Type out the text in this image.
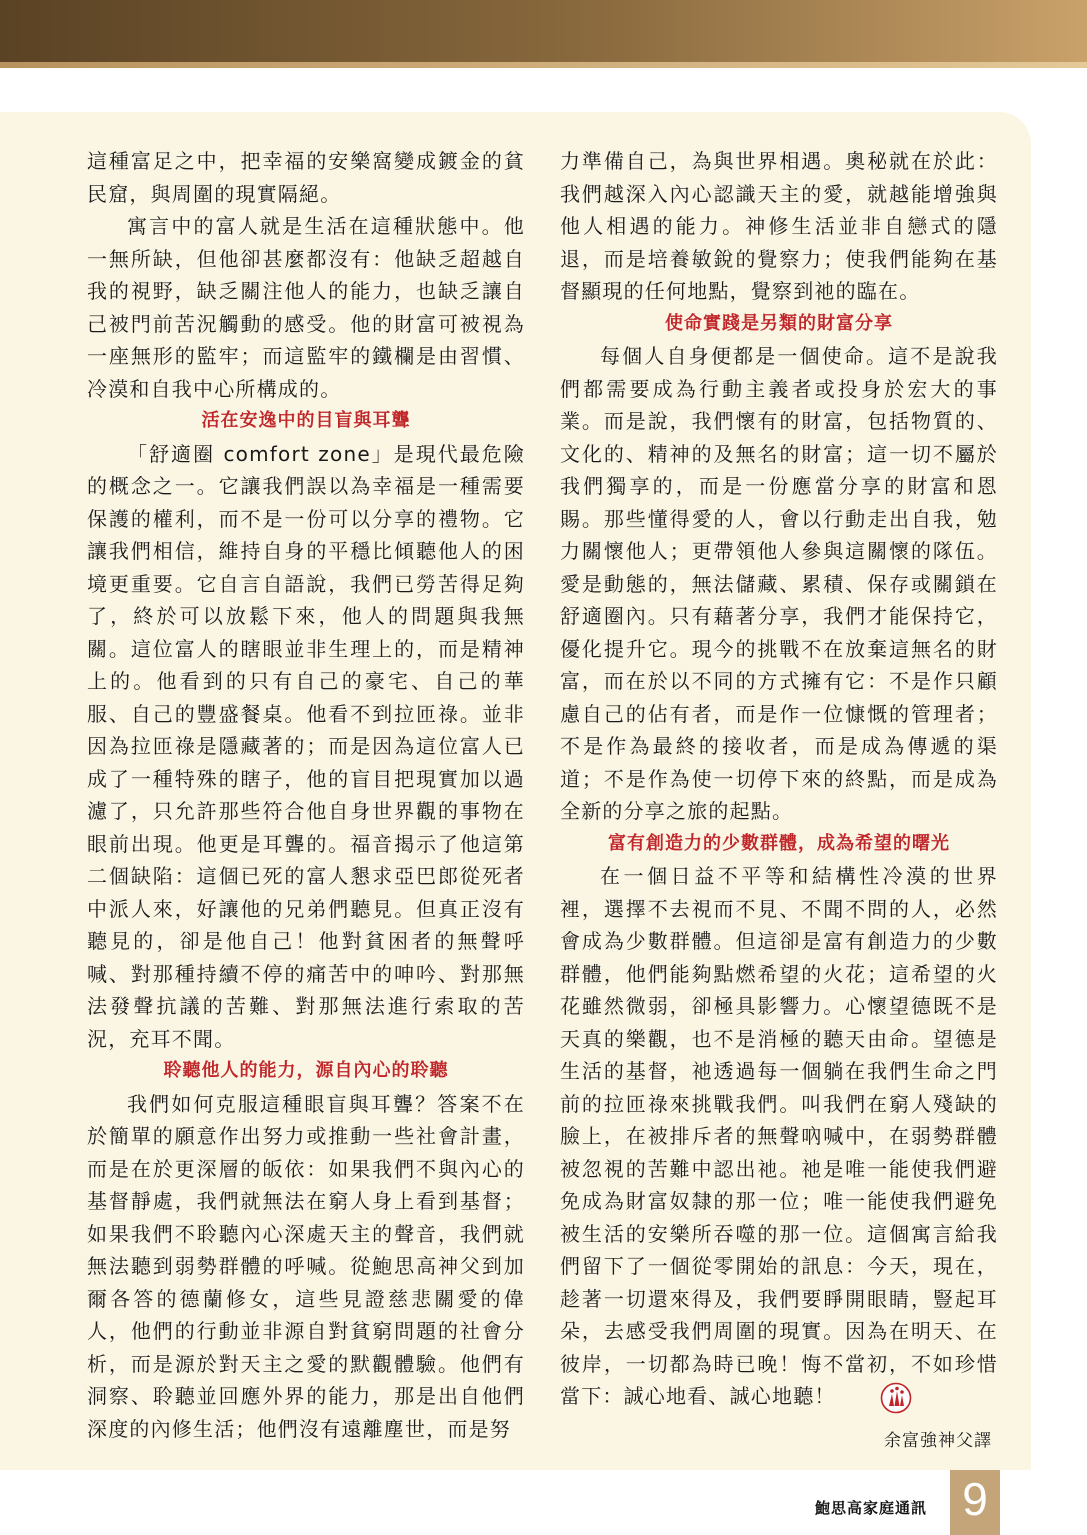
這種富足之中，把幸福的安樂窩變成鍍金的貧民窟，與周圍的現實隔絕。

寓言中的富人就是生活在這種狀態中。他一無所缺，但他卻甚麼都沒有：他缺乏超越自我的視野，缺乏關注他人的能力，也缺乏讓自己被門前苦況觸動的感受。他的財富可被視為一座無形的監牢；而這監牢的鐵欄是由習慣、冷漠和自我中心所構成的。

活在安逸中的目盲與耳聾

「舒適圈 comfort zone」是現代最危險的概念之一。它讓我們誤以為幸福是一種需要保護的權利，而不是一份可以分享的禮物。它讓我們相信，維持自身的平穩比傾聽他人的困境更重要。它自言自語說，我們已勞苦得足夠了，終於可以放鬆下來，他人的問題與我無關。這位富人的瞎眼並非生理上的，而是精神上的。他看到的只有自己的豪宅、自己的華服、自己的豐盛餐桌。他看不到拉匝祿。並非因為拉匝祿是隱藏著的；而是因為這位富人已成了一種特殊的瞎子，他的盲目把現實加以過濾了，只允許那些符合他自身世界觀的事物在眼前出現。他更是耳聾的。福音揭示了他這第二個缺陷：這個已死的富人懇求亞巴郎從死者中派人來，好讓他的兄弟們聽見。但真正沒有聽見的，卻是他自己！他對貧困者的無聲呼喊、對那種持續不停的痛苦中的呻吟、對那無法發聲抗議的苦難、對那無法進行索取的苦況，充耳不聞。

聆聽他人的能力，源自內心的聆聽

我們如何克服這種眼盲與耳聾？答案不在於簡單的願意作出努力或推動一些社會計畫，而是在於更深層的皈依：如果我們不與內心的基督靜處，我們就無法在窮人身上看到基督；如果我們不聆聽內心深處天主的聲音，我們就無法聽到弱勢群體的呼喊。從鮑思高神父到加爾各答的德蘭修女，這些見證慈悲關愛的偉人，他們的行動並非源自對貧窮問題的社會分析，而是源於對天主之愛的默觀體驗。他們有洞察、聆聽並回應外界的能力，那是出自他們深度的內修生活；他們沒有遠離塵世，而是努

力準備自己，為與世界相遇。奧秘就在於此：我們越深入內心認識天主的愛，就越能增強與他人相遇的能力。神修生活並非自戀式的隱退，而是培養敏銳的覺察力；使我們能夠在基督顯現的任何地點，覺察到祂的臨在。

使命實踐是另類的財富分享

每個人自身便都是一個使命。這不是說我們都需要成為行動主義者或投身於宏大的事業。而是說，我們懷有的財富，包括物質的、文化的、精神的及無名的財富；這一切不屬於我們獨享的，而是一份應當分享的財富和恩賜。那些懂得愛的人，會以行動走出自我，勉力關懷他人；更帶領他人參與這關懷的隊伍。愛是動態的，無法儲藏、累積、保存或關鎖在舒適圈內。只有藉著分享，我們才能保持它，優化提升它。現今的挑戰不在放棄這無名的財富，而在於以不同的方式擁有它：不是作只顧慮自己的佔有者，而是作一位慷慨的管理者；不是作為最終的接收者，而是成為傳遞的渠道；不是作為使一切停下來的終點，而是成為全新的分享之旅的起點。

富有創造力的少數群體，成為希望的曙光

在一個日益不平等和結構性冷漠的世界裡，選擇不去視而不見、不聞不問的人，必然會成為少數群體。但這卻是富有創造力的少數群體，他們能夠點燃希望的火花；這希望的火花雖然微弱，卻極具影響力。心懷望德既不是天真的樂觀，也不是消極的聽天由命。望德是生活的基督，祂透過每一個躺在我們生命之門前的拉匝祿來挑戰我們。叫我們在窮人殘缺的臉上，在被排斥者的無聲吶喊中，在弱勢群體被忽視的苦難中認出祂。祂是唯一能使我們避免成為財富奴隸的那一位；唯一能使我們避免被生活的安樂所吞噬的那一位。這個寓言給我們留下了一個從零開始的訊息：今天，現在，趁著一切還來得及，我們要睜開眼睛，豎起耳朵，去感受我們周圍的現實。因為在明天、在彼岸，一切都為時已晚！悔不當初，不如珍惜當下：誠心地看、誠心地聽！

余富強神父譯
鮑思高家庭通訊 9
